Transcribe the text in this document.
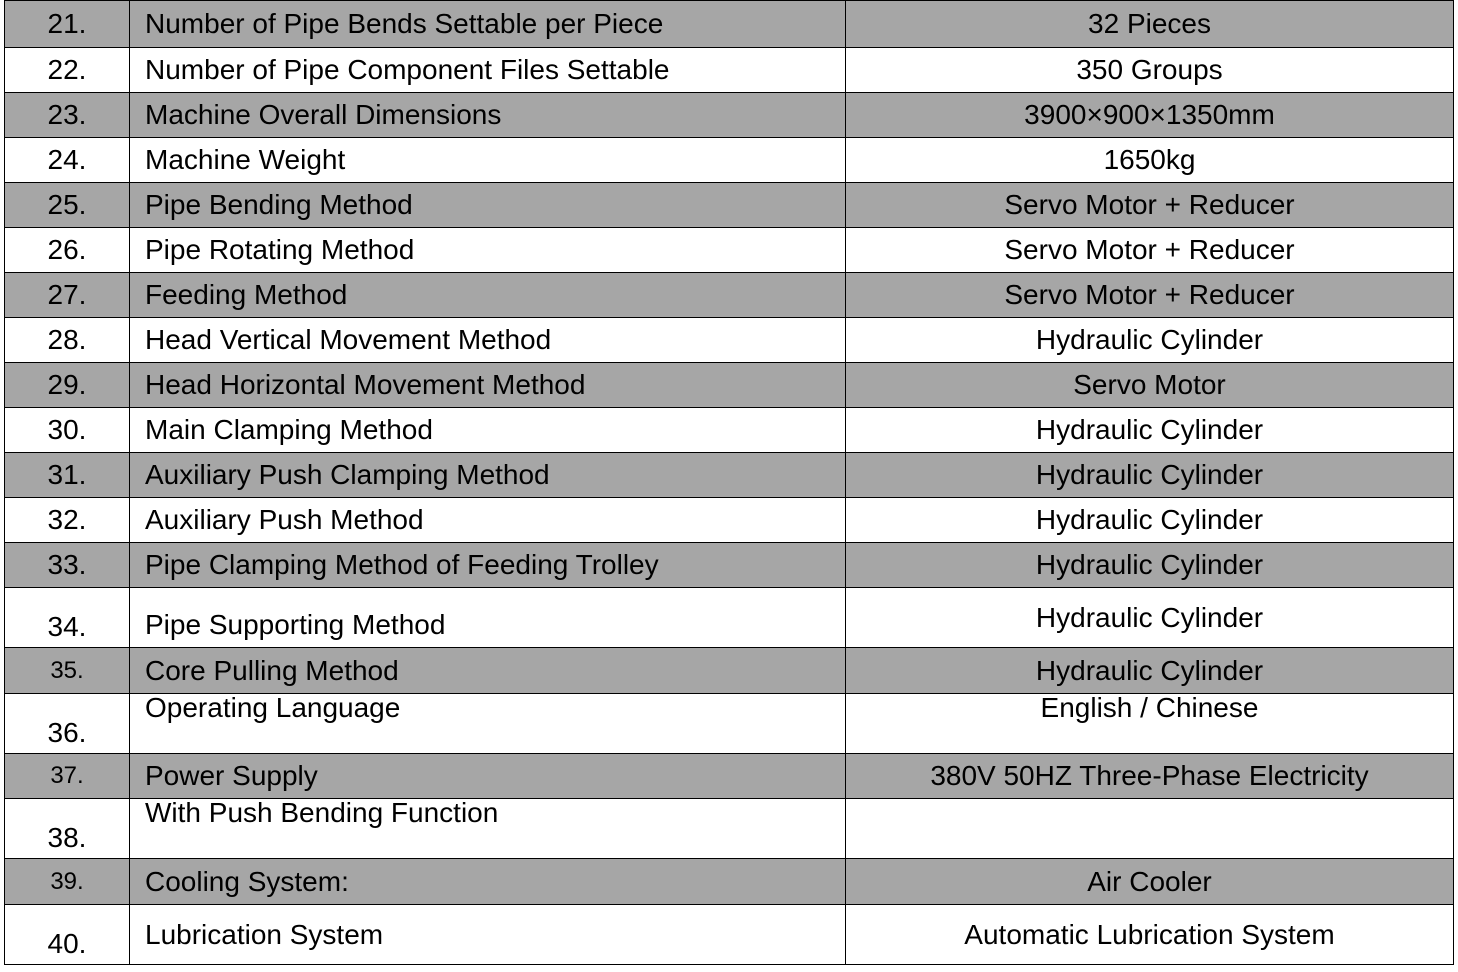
21.	Number of Pipe Bends Settable per Piece	32 Pieces
22.	Number of Pipe Component Files Settable	350 Groups
23.	Machine Overall Dimensions	3900×900×1350mm
24.	Machine Weight	1650kg
25.	Pipe Bending Method	Servo Motor + Reducer
26.	Pipe Rotating Method	Servo Motor + Reducer
27.	Feeding Method	Servo Motor + Reducer
28.	Head Vertical Movement Method	Hydraulic Cylinder
29.	Head Horizontal Movement Method	Servo Motor
30.	Main Clamping Method	Hydraulic Cylinder
31.	Auxiliary Push Clamping Method	Hydraulic Cylinder
32.	Auxiliary Push Method	Hydraulic Cylinder
33.	Pipe Clamping Method of Feeding Trolley	Hydraulic Cylinder
34.	Pipe Supporting Method	Hydraulic Cylinder
35.	Core Pulling Method	Hydraulic Cylinder
36.	Operating Language	English / Chinese
37.	Power Supply	380V 50HZ Three-Phase Electricity
38.	With Push Bending Function	
39.	Cooling System:	Air Cooler
40.	Lubrication System	Automatic Lubrication System
